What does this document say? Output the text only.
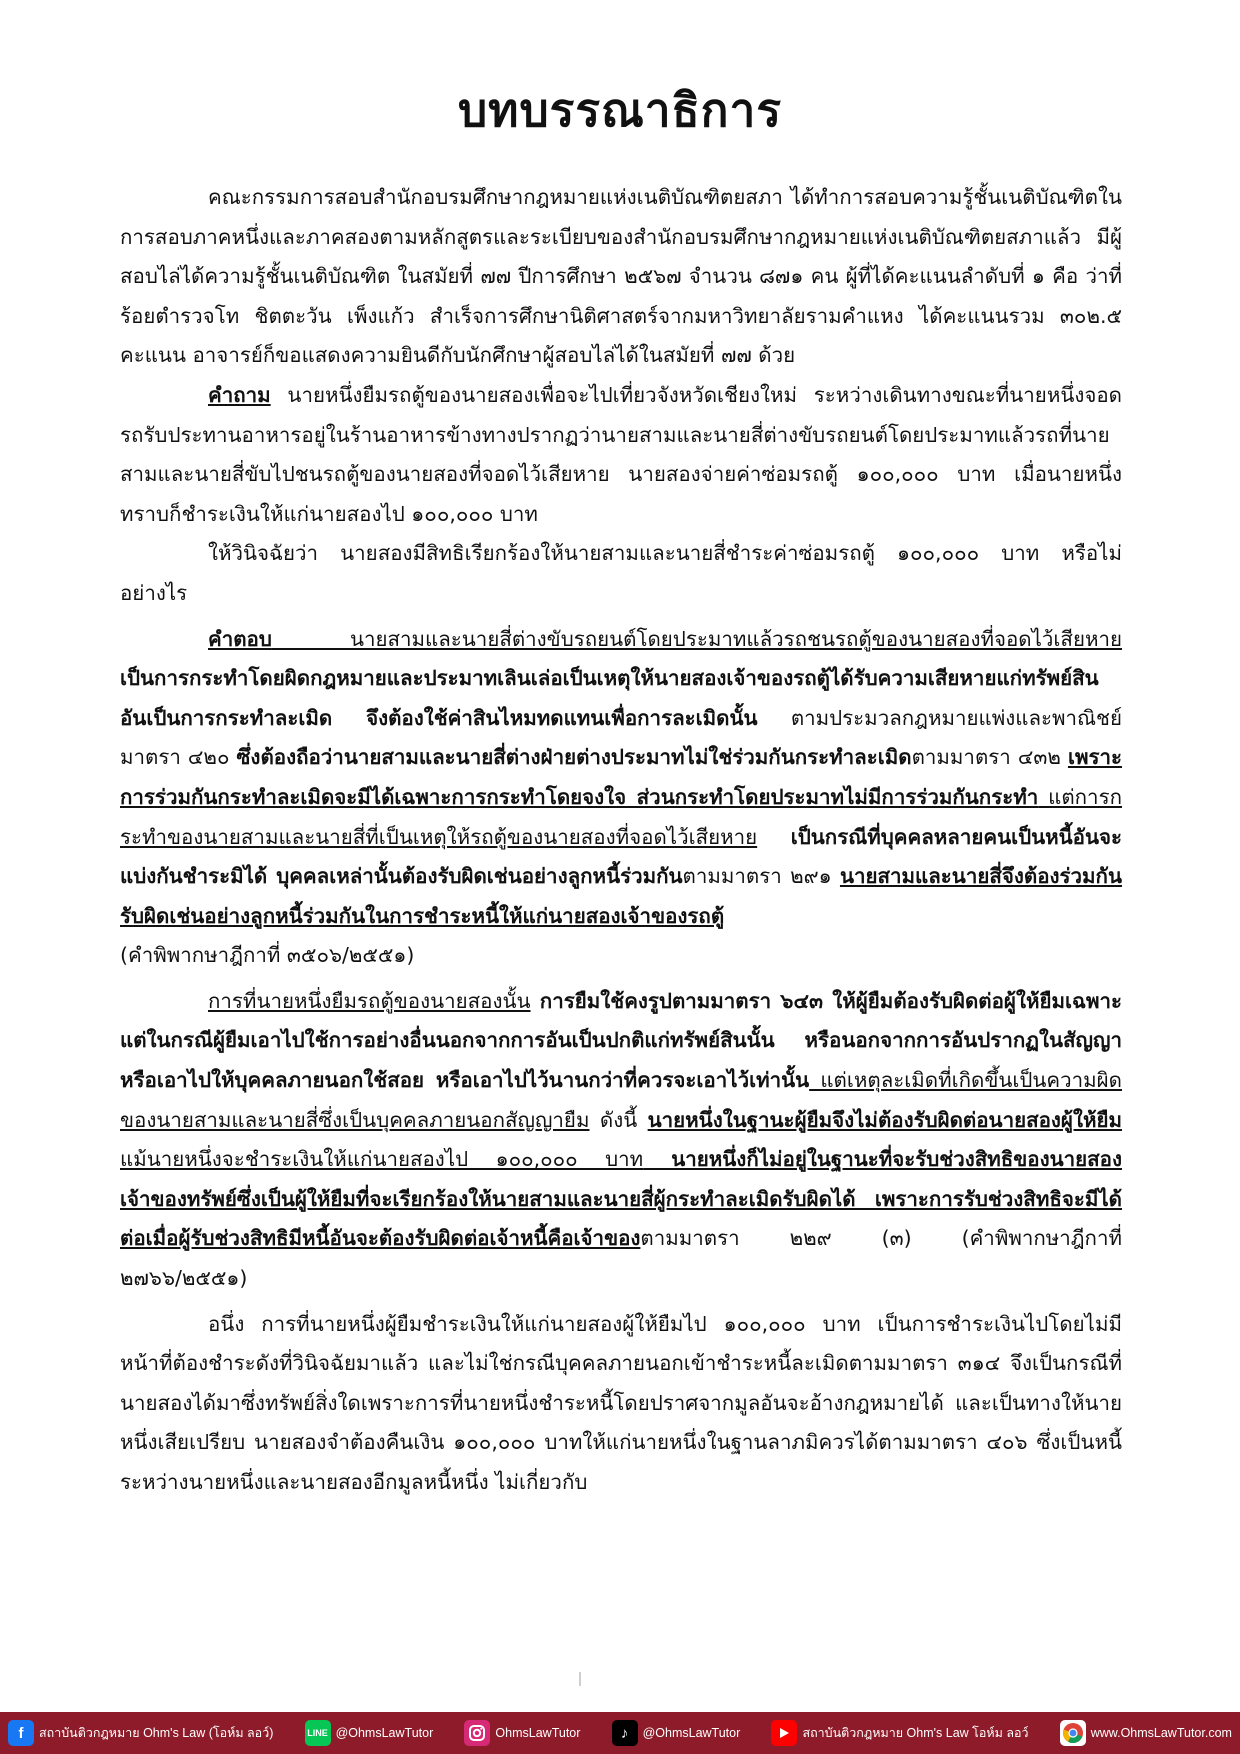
บทบรรณาธิการ

คณะกรรมการสอบสำนักอบรมศึกษากฎหมายแห่งเนติบัณฑิตยสภา ได้ทำการสอบความรู้ชั้นเนติบัณฑิตในการสอบภาคหนึ่งและภาคสองตามหลักสูตรและระเบียบของสำนักอบรมศึกษากฎหมายแห่งเนติบัณฑิตยสภาแล้ว มีผู้สอบไล่ได้ความรู้ชั้นเนติบัณฑิต ในสมัยที่ ๗๗ ปีการศึกษา ๒๕๖๗ จำนวน ๘๗๑ คน ผู้ที่ได้คะแนนลำดับที่ ๑ คือ ว่าที่ร้อยตำรวจโท ชิตตะวัน เพ็งแก้ว สำเร็จการศึกษานิติศาสตร์จากมหาวิทยาลัยรามคำแหง ได้คะแนนรวม ๓๐๒.๕ คะแนน อาจารย์ก็ขอแสดงความยินดีกับนักศึกษาผู้สอบไล่ได้ในสมัยที่ ๗๗ ด้วย

คำถาม นายหนึ่งยืมรถตู้ของนายสองเพื่อจะไปเที่ยวจังหวัดเชียงใหม่ ระหว่างเดินทางขณะที่นายหนึ่งจอดรถรับประทานอาหารอยู่ในร้านอาหารข้างทางปรากฏว่านายสามและนายสี่ต่างขับรถยนต์โดยประมาทแล้วรถที่นายสามและนายสี่ขับไปชนรถตู้ของนายสองที่จอดไว้เสียหาย นายสองจ่ายค่าซ่อมรถตู้ ๑๐๐,๐๐๐ บาท เมื่อนายหนึ่งทราบก็ชำระเงินให้แก่นายสองไป ๑๐๐,๐๐๐ บาท

ให้วินิจฉัยว่า นายสองมีสิทธิเรียกร้องให้นายสามและนายสี่ชำระค่าซ่อมรถตู้ ๑๐๐,๐๐๐ บาท หรือไม่อย่างไร

คำตอบ นายสามและนายสี่ต่างขับรถยนต์โดยประมาทแล้วรถชนรถตู้ของนายสองที่จอดไว้เสียหาย เป็นการกระทำโดยผิดกฎหมายและประมาทเลินเล่อเป็นเหตุให้นายสองเจ้าของรถตู้ได้รับความเสียหายแก่ทรัพย์สินอันเป็นการกระทำละเมิด จึงต้องใช้ค่าสินไหมทดแทนเพื่อการละเมิดนั้น ตามประมวลกฎหมายแพ่งและพาณิชย์ มาตรา ๔๒๐ ซึ่งต้องถือว่านายสามและนายสี่ต่างฝ่ายต่างประมาทไม่ใช่ร่วมกันกระทำละเมิดตามมาตรา ๔๓๒ เพราะการร่วมกันกระทำละเมิดจะมีได้เฉพาะการกระทำโดยจงใจ ส่วนกระทำโดยประมาทไม่มีการร่วมกันกระทำ แต่การกระทำของนายสามและนายสี่ที่เป็นเหตุให้รถตู้ของนายสองที่จอดไว้เสียหาย เป็นกรณีที่บุคคลหลายคนเป็นหนี้อันจะแบ่งกันชำระมิได้ บุคคลเหล่านั้นต้องรับผิดเช่นอย่างลูกหนี้ร่วมกันตามมาตรา ๒๙๑ นายสามและนายสี่จึงต้องร่วมกันรับผิดเช่นอย่างลูกหนี้ร่วมกันในการชำระหนี้ให้แก่นายสองเจ้าของรถตู้

(คำพิพากษาฎีกาที่ ๓๕๐๖/๒๕๕๑)

การที่นายหนึ่งยืมรถตู้ของนายสองนั้น การยืมใช้คงรูปตามมาตรา ๖๔๓ ให้ผู้ยืมต้องรับผิดต่อผู้ให้ยืมเฉพาะแต่ในกรณีผู้ยืมเอาไปใช้การอย่างอื่นนอกจากการอันเป็นปกติแก่ทรัพย์สินนั้น หรือนอกจากการอันปรากฏในสัญญา หรือเอาไปให้บุคคลภายนอกใช้สอย หรือเอาไปไว้นานกว่าที่ควรจะเอาไว้เท่านั้น แต่เหตุละเมิดที่เกิดขึ้นเป็นความผิดของนายสามและนายสี่ซึ่งเป็นบุคคลภายนอกสัญญายืม ดังนี้ นายหนึ่งในฐานะผู้ยืมจึงไม่ต้องรับผิดต่อนายสองผู้ให้ยืม แม้นายหนึ่งจะชำระเงินให้แก่นายสองไป ๑๐๐,๐๐๐ บาท นายหนึ่งก็ไม่อยู่ในฐานะที่จะรับช่วงสิทธิของนายสองเจ้าของทรัพย์ซึ่งเป็นผู้ให้ยืมที่จะเรียกร้องให้นายสามและนายสี่ผู้กระทำละเมิดรับผิดได้ เพราะการรับช่วงสิทธิจะมีได้ต่อเมื่อผู้รับช่วงสิทธิมีหนี้อันจะต้องรับผิดต่อเจ้าหนี้คือเจ้าของตามมาตรา ๒๒๙ (๓) (คำพิพากษาฎีกาที่ ๒๗๖๖/๒๕๕๑)

อนึ่ง การที่นายหนึ่งผู้ยืมชำระเงินให้แก่นายสองผู้ให้ยืมไป ๑๐๐,๐๐๐ บาท เป็นการชำระเงินไปโดยไม่มีหน้าที่ต้องชำระดังที่วินิจฉัยมาแล้ว และไม่ใช่กรณีบุคคลภายนอกเข้าชำระหนี้ละเมิดตามมาตรา ๓๑๔ จึงเป็นกรณีที่นายสองได้มาซึ่งทรัพย์สิ่งใดเพราะการที่นายหนึ่งชำระหนี้โดยปราศจากมูลอันจะอ้างกฎหมายได้ และเป็นทางให้นายหนึ่งเสียเปรียบ นายสองจำต้องคืนเงิน ๑๐๐,๐๐๐ บาทให้แก่นายหนึ่งในฐานลาภมิควรได้ตามมาตรา ๔๐๖ ซึ่งเป็นหนี้ระหว่างนายหนึ่งและนายสองอีกมูลหนี้หนึ่ง ไม่เกี่ยวกับ

f	สถาบันติวกฎหมาย Ohm's Law (โอห์ม ลอว์)	LINE @OhmsLawTutor	OhmsLawTutor	♪	@OhmsLawTutor	สถาบันติวกฎหมาย Ohm's Law โอห์ม ลอว์	www.OhmsLawTutor.com
